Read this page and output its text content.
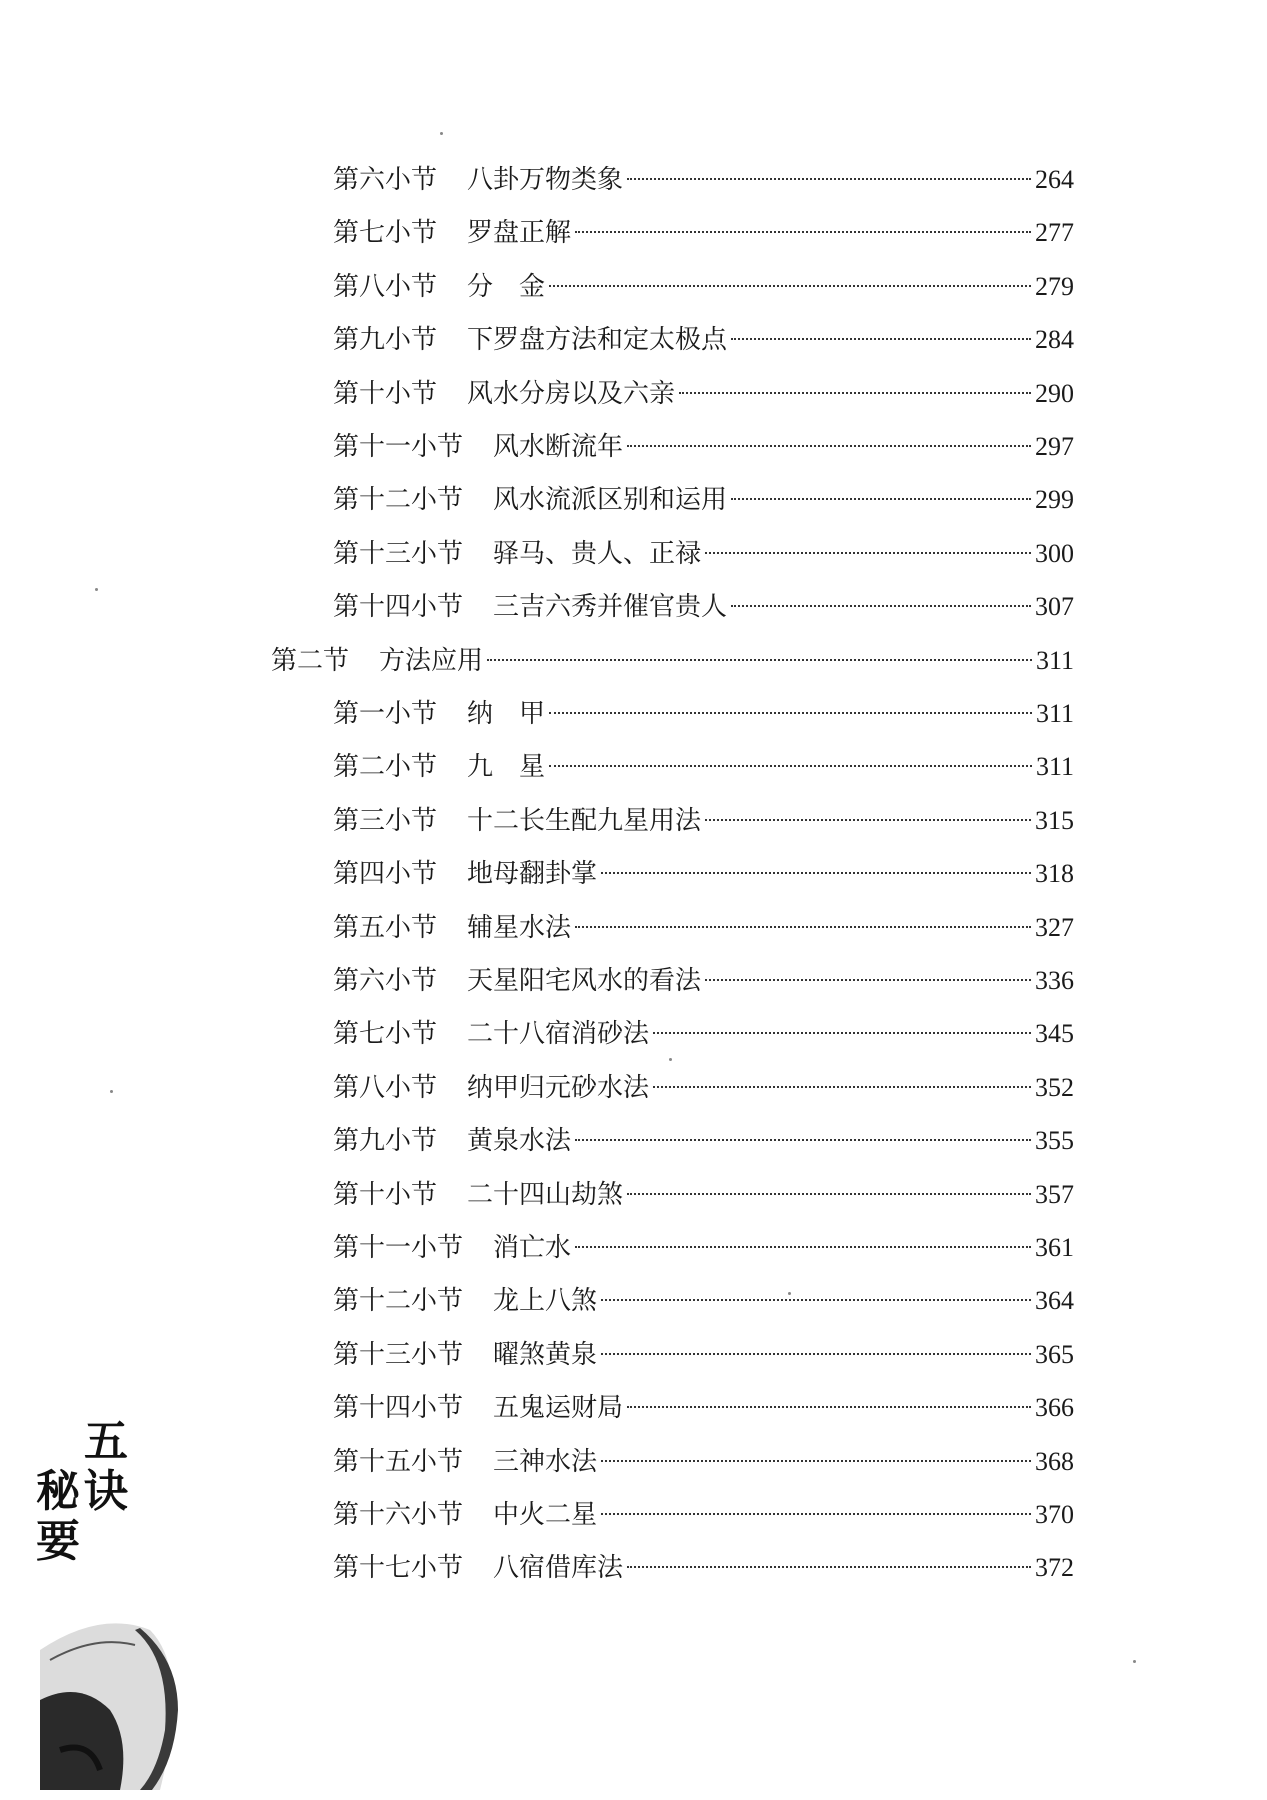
第六小节 八卦万物类象	264
第七小节 罗盘正解	277
第八小节 分　金	279
第九小节 下罗盘方法和定太极点	284
第十小节 风水分房以及六亲	290
第十一小节 风水断流年	297
第十二小节 风水流派区别和运用	299
第十三小节 驿马、贵人、正禄	300
第十四小节 三吉六秀并催官贵人	307
第二节 方法应用	311
第一小节 纳　甲	311
第二小节 九　星	311
第三小节 十二长生配九星用法	315
第四小节 地母翻卦掌	318
第五小节 辅星水法	327
第六小节 天星阳宅风水的看法	336
第七小节 二十八宿消砂法	345
第八小节 纳甲归元砂水法	352
第九小节 黄泉水法	355
第十小节 二十四山劫煞	357
第十一小节 消亡水	361
第十二小节 龙上八煞	364
第十三小节 曜煞黄泉	365
第十四小节 五鬼运财局	366
第十五小节 三神水法	368
第十六小节 中火二星	370
第十七小节 八宿借库法	372
五
诀
秘
要
